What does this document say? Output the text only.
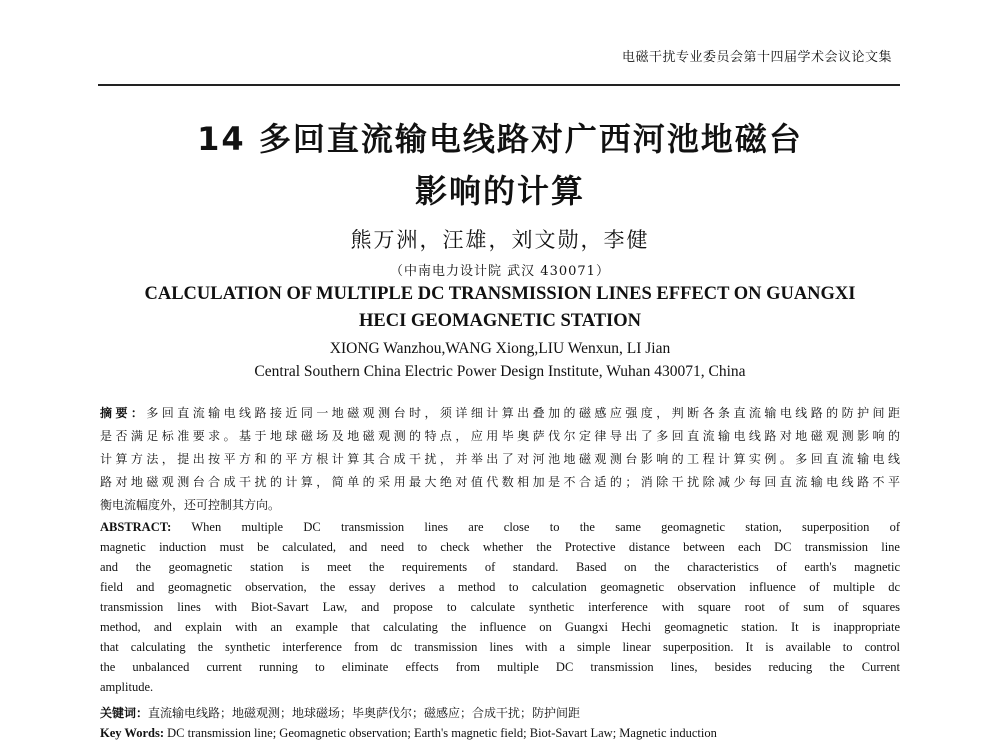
电磁干扰专业委员会第十四届学术会议论文集
14 多回直流输电线路对广西河池地磁台
影响的计算
熊万洲，汪雄，刘文勋，李健
（中南电力设计院 武汉 430071）
CALCULATION OF MULTIPLE DC TRANSMISSION LINES EFFECT ON GUANGXI
HECI GEOMAGNETIC STATION
XIONG Wanzhou,WANG Xiong,LIU Wenxun, LI Jian
Central Southern China Electric Power Design Institute, Wuhan 430071, China
摘要：多回直流输电线路接近同一地磁观测台时，须详细计算出叠加的磁感应强度，判断各条直流输电线路的防护间距
是否满足标准要求。基于地球磁场及地磁观测的特点，应用毕奥萨伐尔定律导出了多回直流输电线路对地磁观测影响的
计算方法，提出按平方和的平方根计算其合成干扰，并举出了对河池地磁观测台影响的工程计算实例。多回直流输电线
路对地磁观测台合成干扰的计算，简单的采用最大绝对值代数相加是不合适的；消除干扰除减少每回直流输电线路不平
衡电流幅度外，还可控制其方向。
ABSTRACT: When multiple DC transmission lines are close to the same geomagnetic station, superposition of
magnetic induction must be calculated, and need to check whether the Protective distance between each DC transmission line
and the geomagnetic station is meet the requirements of standard. Based on the characteristics of earth's magnetic
field and geomagnetic observation, the essay derives a method to calculation geomagnetic observation influence of multiple dc
transmission lines with Biot-Savart Law, and propose to calculate synthetic interference with square root of sum of squares
method, and explain with an example that calculating the influence on Guangxi Hechi geomagnetic station. It is inappropriate
that calculating the synthetic interference from dc transmission lines with a simple linear superposition. It is available to control
the unbalanced current running to eliminate effects from multiple DC transmission lines, besides reducing the Current
amplitude.
关键词：直流输电线路；地磁观测；地球磁场；毕奥萨伐尔；磁感应；合成干扰；防护间距
Key Words: DC transmission line; Geomagnetic observation; Earth's magnetic field; Biot-Savart Law; Magnetic induction
